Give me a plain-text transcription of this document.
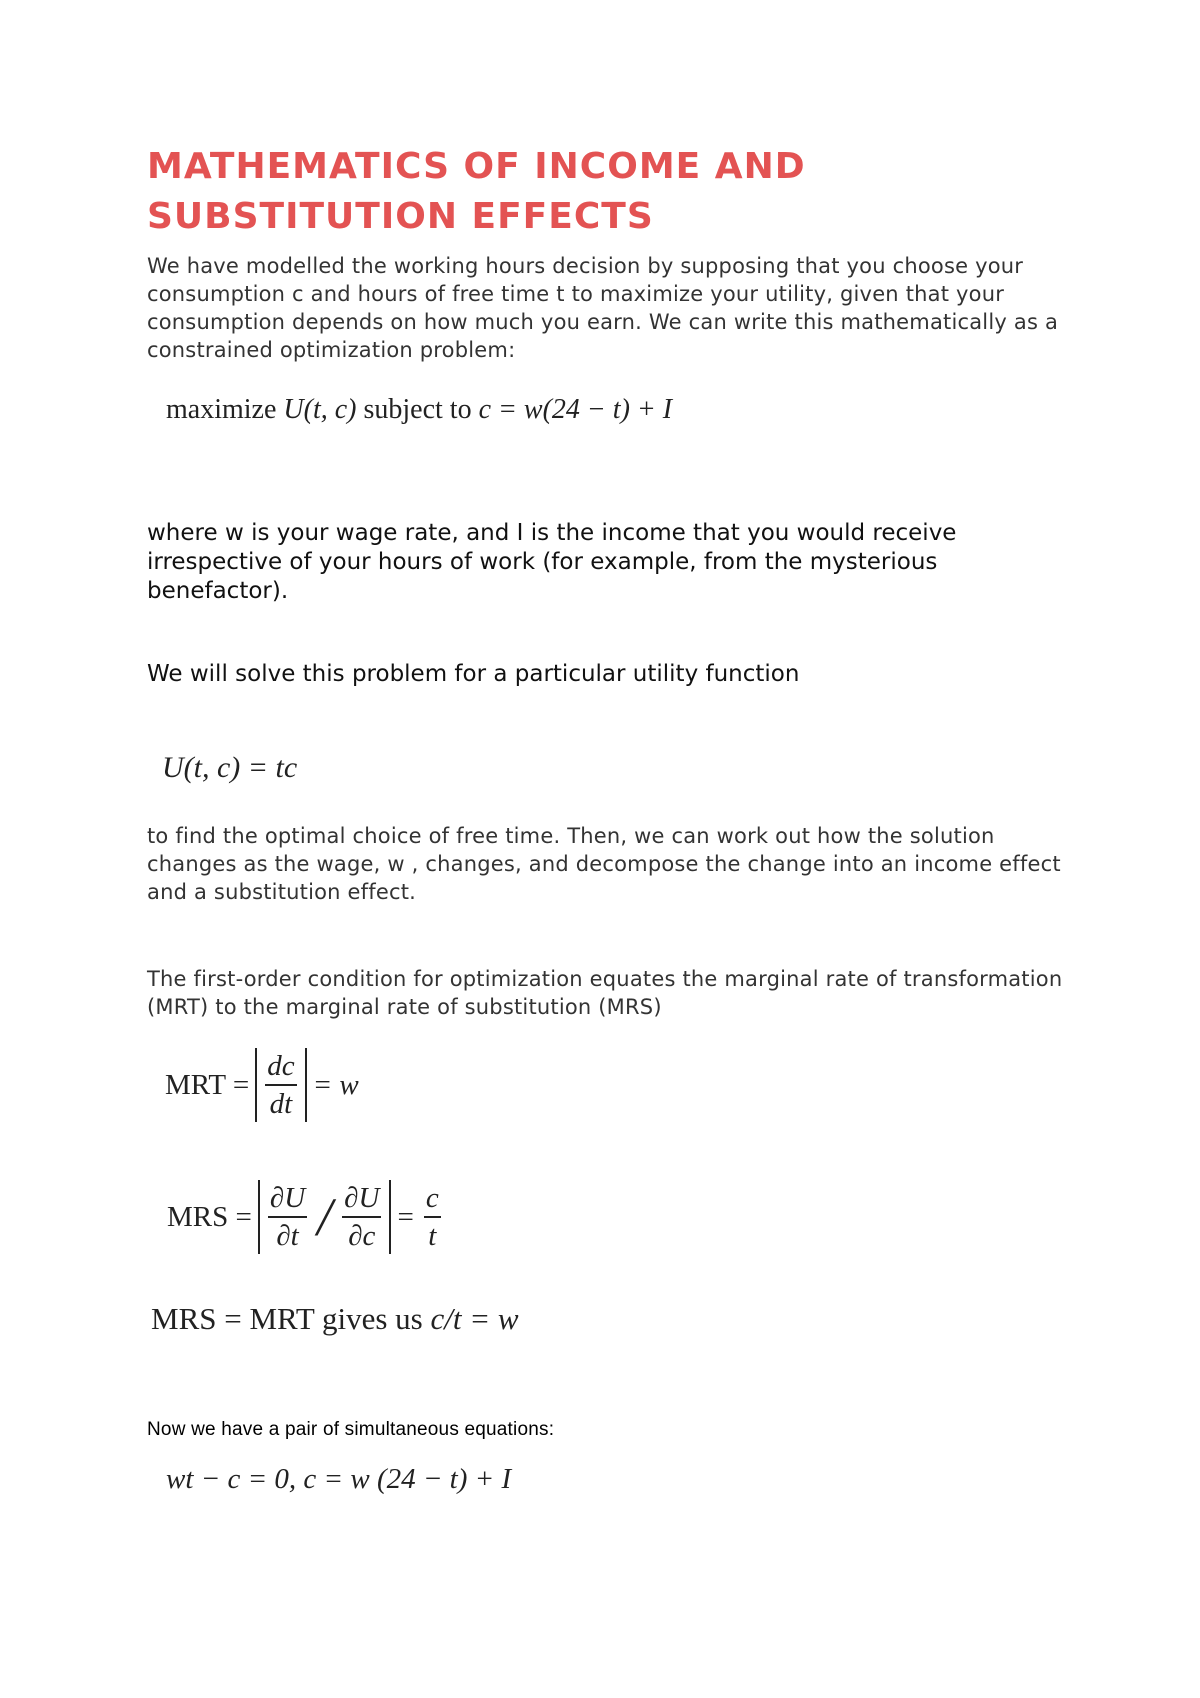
MATHEMATICS OF INCOME AND
SUBSTITUTION EFFECTS

We have modelled the working hours decision by supposing that you choose your consumption c and hours of free time t to maximize your utility, given that your consumption depends on how much you earn. We can write this mathematically as a constrained optimization problem:

maximize U(t, c) subject to c = w(24 − t) + I

where w is your wage rate, and I is the income that you would receive irrespective of your hours of work (for example, from the mysterious benefactor).

We will solve this problem for a particular utility function

U(t, c) = tc

to find the optimal choice of free time. Then, we can work out how the solution changes as the wage, w , changes, and decompose the change into an income effect and a substitution effect.

The first-order condition for optimization equates the marginal rate of transformation (MRT) to the marginal rate of substitution (MRS)

MRT = $\frac{dc}{dt} = w$
MRS = $\frac{\partial U}{\partial t} / \frac{\partial U}{\partial c} = \frac{c}{t}$
MRS = MRT gives us c/t = w

Now we have a pair of simultaneous equations:

wt − c = 0, c = w (24 − t) + I
